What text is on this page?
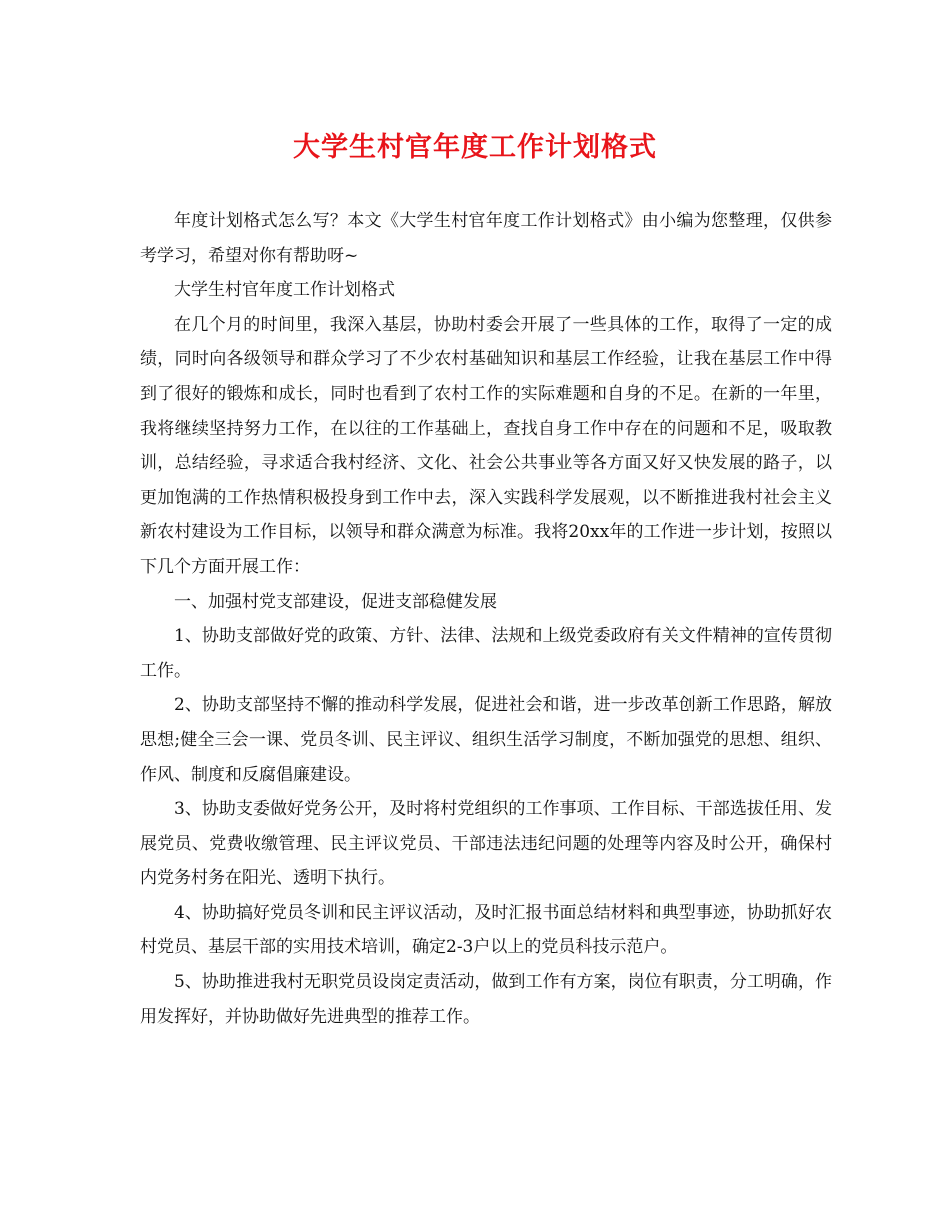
大学生村官年度工作计划格式

年度计划格式怎么写？本文《大学生村官年度工作计划格式》由小编为您整理，仅供参考学习，希望对你有帮助呀~

大学生村官年度工作计划格式

在几个月的时间里，我深入基层，协助村委会开展了一些具体的工作，取得了一定的成绩，同时向各级领导和群众学习了不少农村基础知识和基层工作经验，让我在基层工作中得到了很好的锻炼和成长，同时也看到了农村工作的实际难题和自身的不足。在新的一年里，我将继续坚持努力工作，在以往的工作基础上，查找自身工作中存在的问题和不足，吸取教训，总结经验，寻求适合我村经济、文化、社会公共事业等各方面又好又快发展的路子，以更加饱满的工作热情积极投身到工作中去，深入实践科学发展观，以不断推进我村社会主义新农村建设为工作目标，以领导和群众满意为标准。我将20xx年的工作进一步计划，按照以下几个方面开展工作：

一、加强村党支部建设，促进支部稳健发展

1、协助支部做好党的政策、方针、法律、法规和上级党委政府有关文件精神的宣传贯彻工作。

2、协助支部坚持不懈的推动科学发展，促进社会和谐，进一步改革创新工作思路，解放思想;健全三会一课、党员冬训、民主评议、组织生活学习制度，不断加强党的思想、组织、作风、制度和反腐倡廉建设。

3、协助支委做好党务公开，及时将村党组织的工作事项、工作目标、干部选拔任用、发展党员、党费收缴管理、民主评议党员、干部违法违纪问题的处理等内容及时公开，确保村内党务村务在阳光、透明下执行。

4、协助搞好党员冬训和民主评议活动，及时汇报书面总结材料和典型事迹，协助抓好农村党员、基层干部的实用技术培训，确定2-3户以上的党员科技示范户。

5、协助推进我村无职党员设岗定责活动，做到工作有方案，岗位有职责，分工明确，作用发挥好，并协助做好先进典型的推荐工作。
